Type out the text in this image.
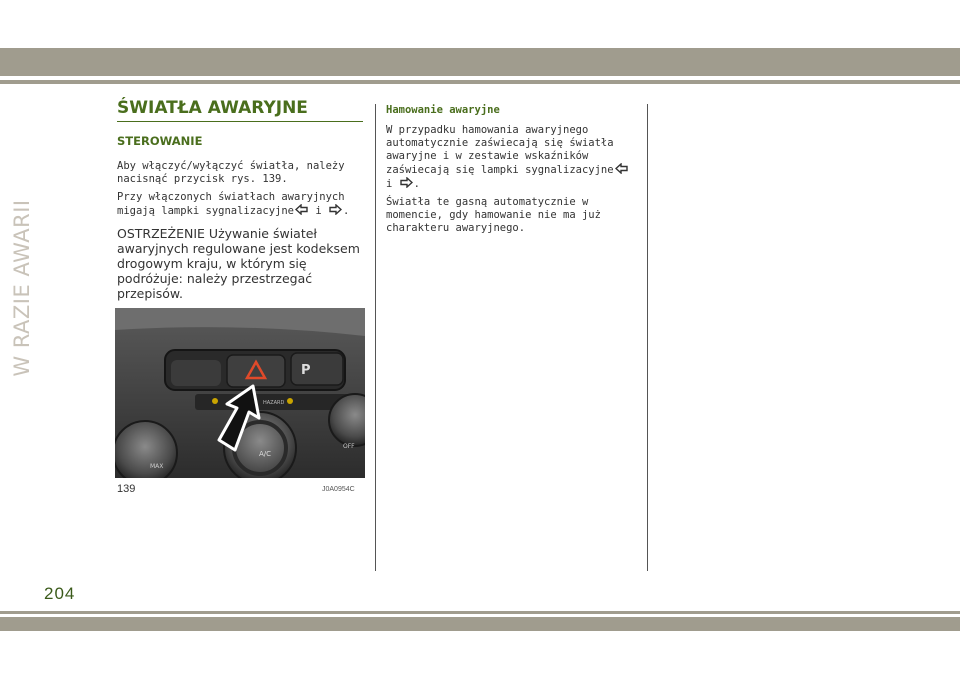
W RAZIE AWARII
204
ŚWIATŁA AWARYJNE
STEROWANIE

Aby włączyć/wyłączyć światła, należy nacisnąć przycisk rys. 139.

Przy włączonych światłach awaryjnych migają lampki sygnalizacyjne i .

OSTRZEŻENIE Używanie świateł awaryjnych regulowane jest kodeksem drogowym kraju, w którym się podróżuje: należy przestrzegać przepisów.

P
HAZARD
MAX
A/C
OFF
139	J0A0954C
Hamowanie awaryjne

W przypadku hamowania awaryjnego automatycznie zaświecają się światła awaryjne i w zestawie wskaźników zaświecają się lampki sygnalizacyjne i .

Światła te gasną automatycznie w momencie, gdy hamowanie nie ma już charakteru awaryjnego.
